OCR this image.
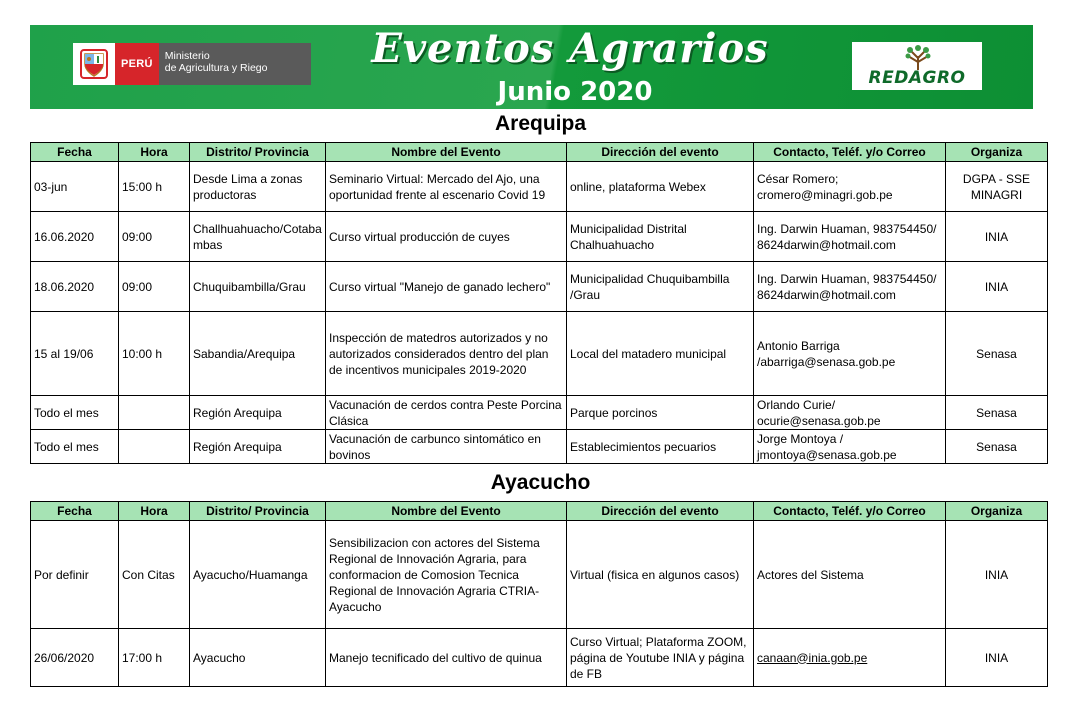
PERÚ
Ministerio
de Agricultura y Riego	Eventos Agrarios
Junio 2020	REDAGRO
Arequipa
Fecha	Hora	Distrito/ Provincia	Nombre del Evento	Dirección del evento	Contacto, Teléf. y/o Correo	Organiza
03-jun	15:00 h	Desde Lima a zonas productoras	Seminario Virtual: Mercado del Ajo, una oportunidad frente al escenario Covid 19	online, plataforma Webex	César Romero; cromero@minagri.gob.pe	DGPA - SSE MINAGRI
16.06.2020	09:00	Challhuahuacho/Cotabambas	Curso virtual producción de cuyes	Municipalidad Distrital Chalhuahuacho	Ing. Darwin Huaman, 983754450/ 8624darwin@hotmail.com	INIA
18.06.2020	09:00	Chuquibambilla/Grau	Curso virtual "Manejo de ganado lechero"	Municipalidad Chuquibambilla /Grau	Ing. Darwin Huaman, 983754450/ 8624darwin@hotmail.com	INIA
15 al 19/06	10:00 h	Sabandia/Arequipa	Inspección de matedros autorizados y no autorizados considerados dentro del plan de incentivos municipales 2019-2020	Local del matadero municipal	Antonio Barriga /abarriga@senasa.gob.pe	Senasa
Todo el mes		Región Arequipa	Vacunación de cerdos contra Peste Porcina Clásica	Parque porcinos	Orlando Curie/ ocurie@senasa.gob.pe	Senasa
Todo el mes		Región Arequipa	Vacunación de carbunco sintomático en bovinos	Establecimientos pecuarios	Jorge Montoya / jmontoya@senasa.gob.pe	Senasa
Ayacucho
Fecha	Hora	Distrito/ Provincia	Nombre del Evento	Dirección del evento	Contacto, Teléf. y/o Correo	Organiza
Por definir	Con Citas	Ayacucho/Huamanga	Sensibilizacion con actores del Sistema Regional de Innovación Agraria, para conformacion de Comosion Tecnica Regional de Innovación Agraria CTRIA-Ayacucho	Virtual (fisica en algunos casos)	Actores del Sistema	INIA
26/06/2020	17:00 h	Ayacucho	Manejo tecnificado del cultivo de quinua	Curso Virtual; Plataforma ZOOM, página de Youtube INIA y página de FB	canaan@inia.gob.pe	INIA
